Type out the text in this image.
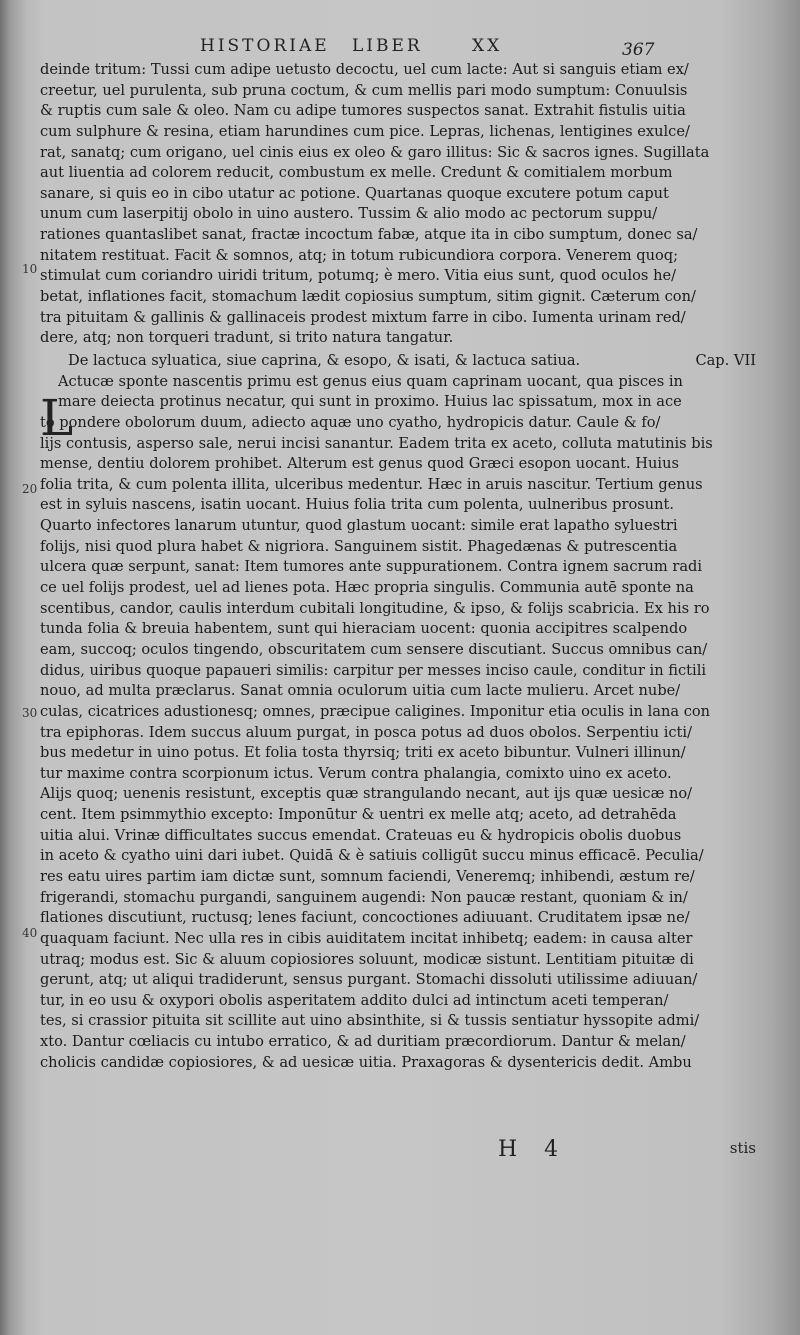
HISTORIAE LIBER	XX	367
10
20
30
40
deinde tritum: Tussi cum adipe uetusto decoctu, uel cum lacte: Aut si sanguis etiam ex/
creetur, uel purulenta, sub pruna coctum, & cum mellis pari modo sumptum: Conuulsis
& ruptis cum sale & oleo. Nam cu adipe tumores suspectos sanat. Extrahit fistulis uitia
cum sulphure & resina, etiam harundines cum pice. Lepras, lichenas, lentigines exulce/
rat, sanatq; cum origano, uel cinis eius ex oleo & garo illitus: Sic & sacros ignes. Sugillata
aut liuentia ad colorem reducit, combustum ex melle. Credunt & comitialem morbum
sanare, si quis eo in cibo utatur ac potione. Quartanas quoque excutere potum caput
unum cum laserpitij obolo in uino austero. Tussim & alio modo ac pectorum suppu/
rationes quantaslibet sanat, fractæ incoctum fabæ, atque ita in cibo sumptum, donec sa/
nitatem restituat. Facit & somnos, atq; in totum rubicundiora corpora. Venerem quoq;
stimulat cum coriandro uiridi tritum, potumq; è mero. Vitia eius sunt, quod oculos he/
betat, inflationes facit, stomachum lædit copiosius sumptum, sitim gignit. Cæterum con/
tra pituitam & gallinis & gallinaceis prodest mixtum farre in cibo. Iumenta urinam red/
dere, atq; non torqueri tradunt, si trito natura tangatur.
De lactuca syluatica, siue caprina, & esopo, & isati, & lactuca satiua.	Cap. VII
Actucæ sponte nascentis primu est genus eius quam caprinam uocant, qua pisces in
mare deiecta protinus necatur, qui sunt in proximo. Huius lac spissatum, mox in ace
to pondere obolorum duum, adiecto aquæ uno cyatho, hydropicis datur. Caule & fo/
lijs contusis, asperso sale, nerui incisi sanantur. Eadem trita ex aceto, colluta matutinis bis
mense, dentiu dolorem prohibet. Alterum est genus quod Græci esopon uocant. Huius
folia trita, & cum polenta illita, ulceribus medentur. Hæc in aruis nascitur. Tertium genus
est in syluis nascens, isatin uocant. Huius folia trita cum polenta, uulneribus prosunt.
Quarto infectores lanarum utuntur, quod glastum uocant: simile erat lapatho syluestri
folijs, nisi quod plura habet & nigriora. Sanguinem sistit. Phagedænas & putrescentia
ulcera quæ serpunt, sanat: Item tumores ante suppurationem. Contra ignem sacrum radi
ce uel folijs prodest, uel ad lienes pota. Hæc propria singulis. Communia autē sponte na
scentibus, candor, caulis interdum cubitali longitudine, & ipso, & folijs scabricia. Ex his ro
tunda folia & breuia habentem, sunt qui hieraciam uocent: quonia accipitres scalpendo
eam, succoq; oculos tingendo, obscuritatem cum sensere discutiant. Succus omnibus can/
didus, uiribus quoque papaueri similis: carpitur per messes inciso caule, conditur in fictili
nouo, ad multa præclarus. Sanat omnia oculorum uitia cum lacte mulieru. Arcet nube/
culas, cicatrices adustionesq; omnes, præcipue caligines. Imponitur etia oculis in lana con
tra epiphoras. Idem succus aluum purgat, in posca potus ad duos obolos. Serpentiu icti/
bus medetur in uino potus. Et folia tosta thyrsiq; triti ex aceto bibuntur. Vulneri illinun/
tur maxime contra scorpionum ictus. Verum contra phalangia, comixto uino ex aceto.
Alijs quoq; uenenis resistunt, exceptis quæ strangulando necant, aut ijs quæ uesicæ no/
cent. Item psimmythio excepto: Imponūtur & uentri ex melle atq; aceto, ad detrahēda
uitia alui. Vrinæ difficultates succus emendat. Crateuas eu & hydropicis obolis duobus
in aceto & cyatho uini dari iubet. Quidā & è satiuis colligūt succu minus efficacē. Peculia/
res eatu uires partim iam dictæ sunt, somnum faciendi, Veneremq; inhibendi, æstum re/
frigerandi, stomachu purgandi, sanguinem augendi: Non paucæ restant, quoniam & in/
flationes discutiunt, ructusq; lenes faciunt, concoctiones adiuuant. Cruditatem ipsæ ne/
quaquam faciunt. Nec ulla res in cibis auiditatem incitat inhibetq; eadem: in causa alter
utraq; modus est. Sic & aluum copiosiores soluunt, modicæ sistunt. Lentitiam pituitæ di
gerunt, atq; ut aliqui tradiderunt, sensus purgant. Stomachi dissoluti utilissime adiuuan/
tur, in eo usu & oxypori obolis asperitatem addito dulci ad intinctum aceti temperan/
tes, si crassior pituita sit scillite aut uino absinthite, si & tussis sentiatur hyssopite admi/
xto. Dantur cœliacis cu intubo erratico, & ad duritiam præcordiorum. Dantur & melan/
cholicis candidæ copiosiores, & ad uesicæ uitia. Praxagoras & dysentericis dedit. Ambu
L
H 4	stis
